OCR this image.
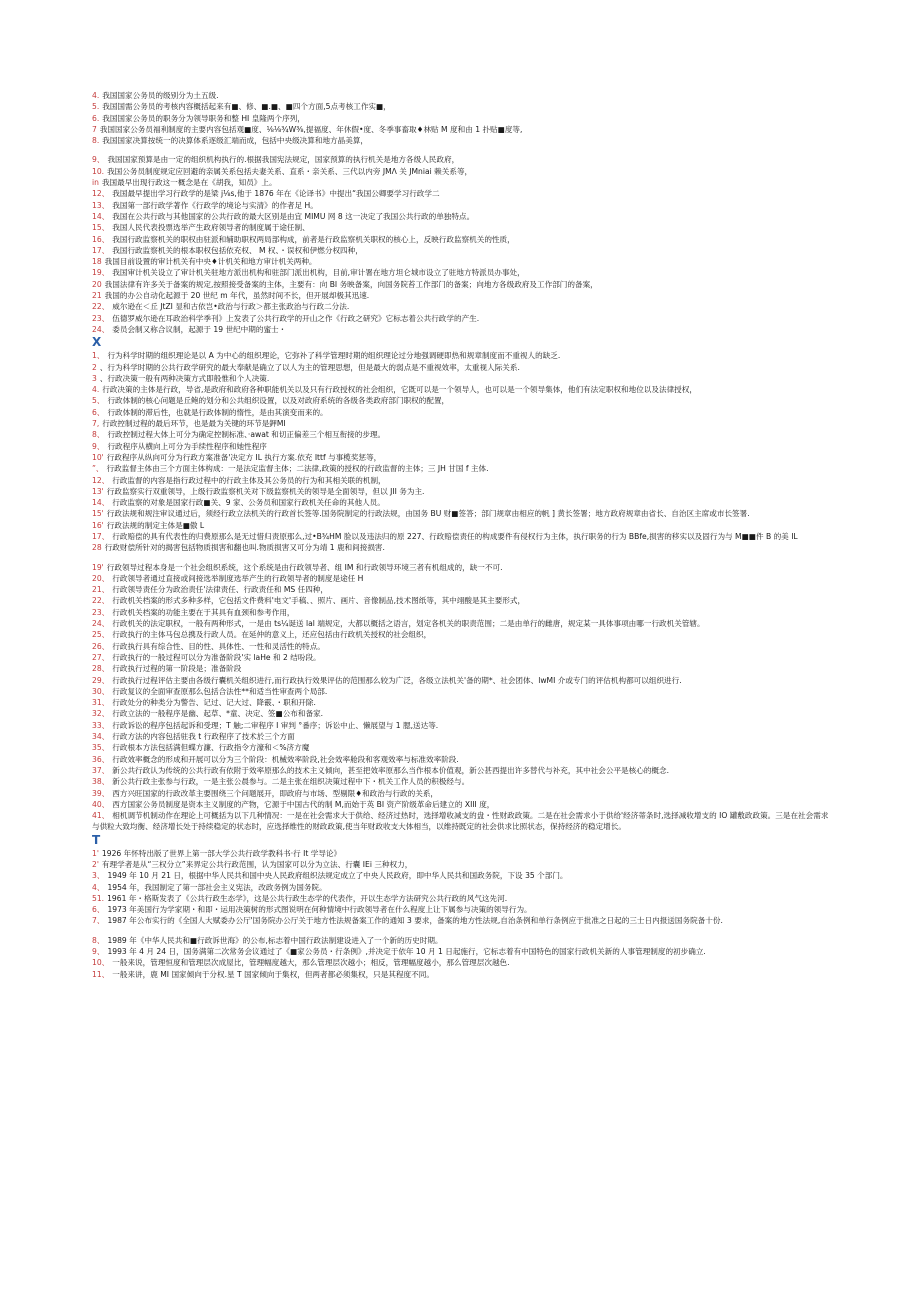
4. 我国国家公务员的级别分为土五级.
5. 我国国需公务员的考核内容概括起来有■、修、■.■、■四个方面,5点考核工作实■，
6. 我国国家公务员的职务分为领导职务和整 HI 皇隆两个序列，
7 我国国家公务员福利制度的主要内容包括观■度、⅛⅛¾W⅜,提福度、年休假•度、冬季事畜取♦林贴 M 度和由 1 扑贴■度等,
8. 我国国家决算按统一的决算体系逐级汇端而成，包括中央级决算和地方晶美算，
9、 我国国家预算是由一定的组织机构执行的.根据我国宪法规定，国家预算的执行机关是地方各级人民政府，
10. 我国公务员制度规定应回避的亲属关系包括夫妻关系、直系・亲关系、三代以内旁 JMΛ 关 JMniai 赖关系等，
in 我国最早出现行政这一概念是在《胡我，知员》上。
12、 我国最早提出学习行政学的是梁 j⅛s,他于 1876 年在《论译书》中提出“我国公卿要学习行政学二
13、 我国第一部行政学著作《行政学的境论与实清》的作者足 H。
14、 我国在公共行政与其他国家的公共行政的最大区别是由宜 MIMU 网 8 这一决定了我国公共行政的单独特点。
15、 我国人民代表投票选举产生政府领导者的制度属于途任制、
16、 我国行政监察机关的职权由驻派和辅助职权两局部构成，前者是行政监察机关职权的核心上，反映行政监察机关的性质，
17、 我国行政监察机关的根本职权包括依充权、 M 权、・误权和伊燃分权四种，
18 我国目前设置的审计机关有中央♦计机关和地方审计机关两种。
19、 我国审计机关设立了审计机关驻地方派出机构和驻部门派出机构，目前,审计署在地方坦仑城市设立了驻地方特派员办事处，
20 我国法律有许多关于备案的规定,按照接受备案的主体，主要有：向 BI 务映备案，向国务院苔工作部门的备案；向地方各级政府及工作部门的备案，
21 我国的办公自动化起源于 20 世纪 m 年代，虽然时间不长，但开展却极其迅速.
22、 威尔逊在＜丘 JtZI 显和古依岂•政治与行政＞都主张政治与行政二分法.
23、 伍德罗威尔逊在耳政治科学季刊》上发表了公共行政学的开山之作《行政之研究》它标志着公共行政学的产生.
24、 委员会制又称合议制，起源于 19 世纪中期的蜜士・
X
1、 行为科学时期的组织理论是以 A 为中心的组织理论，它弥补了科学管理时期的组织理论过分地强调硬即热和规章制度而不重视人的缺乏.
2 、行为科学时期的公共行政学研究的最大奉献是确立了以人为主的管理思想，但是最大的弱点是不重视效率，太重视人际关系.
3 、行政决策一般有两种决策方式即般惟和个人决策.
4. 行政决策的主体是行政，导省,是政府和政府各种职能机关以及只有行政授权的社会组织，它既可以是一个领导人，也可以是一个领导集体，他们有法定职权和地位以及法律授权，
5、 行政体制的核心问题是丘鲍的划分和公共组织设置，以及对政府系统的各级各类政府部门职权的配置，
6、 行政体制的滞后性，也就是行政体制的惰性，是由其演变而来的。
7, 行政控制过程的最后环节，也是最为关键的环节是鉀MI
8、 行政控制过程大体上可分为确定控制标准、·awat 和切正偏差三个相互衔接的步理。
9、 行政程序从横向上可分为手续性程序和她性程序
10' 行政程序从纵向可分为行政方案准备'决定方 IL 执行方案.依充 Ittf 与事榄奖惩等，
”、 行政监督主体由三个方面主体构成：一是法定监督主体；二法律,政策的授权的行政监督的主体；三 JH 甘国 f 主体.
12、 行政监督的内容是指行政过程中的行政主体及其公务员的行为和其相关联的机制，
13' 行政监察实行双重领导，上级行政监察机关对下级监察机关的领导是全面领导，但以 JII 务为主.
14、 行政监察的对象是国家行政■关、9 家、公务员和国家行政机关任命的其他人员。
15' 行政法规和规注审议通过后，须经行政立法机关的行政首长签等.国务院制定的行政法规，由国务 BU 财■签答；部门规章由相应的帆 ] 黄长签署；地方政府规章由省长、自治区主席或市长签署.
16' 行政法规的制定主体是■傲 L
17、 行政赔偿的具有代表性的归费原那么是无过惜归责原那么,过•B¾HM 脸以及违法归的原 227、行政赔偿责任的构成要件有侵权行为主体，执行职务的行为 BBfe,损害的移实以及固行为与 M■■件 B 的美 IL
28 行政财偿所针对的揭害包括物质损害和翻也叫.物质损害又可分为靖 1 鹿和间接损害.
19' 行政领导过程本身是一个社会组织系统，这个系统是由行政领导者、组 IM 和行政领导环境三者有机组成的，缺一不可.
20、 行政领导者通过直接或间接选举制度选举产生的行政领导者的制度是途任 H
21、 行政领导责任分为政治责任'法律责任、行政责任和 MS 任四种，
22、 行政机关档案的形式多种多样，它包括文件费料'电文'手稿、、照片、画片、音像制品,技术图纸等，其中翊酸是其主要形式，
23、 行政机关档案的功能主要在于其具有血颈和参考作用，
24、 行政机关的法定职权，一般有两种形式，一是由 ts¼诞送 lal 端规定，大都以概括之语言，划定各机关的职责范围；二是由单行的雌唐，规定某一具体事项由哪一行政机关管辖。
25、 行政执行的主体马包总携及行政人员。在延仲的意义上，还应包括由行政机关授权的社会组织，
26、 行政执行具有综合性、目的性、具体性、一性和灵活性的特点。
27、 行政执行的一般过程可以分为准备阶段'实 laHe 和 2 结吩段。
28、 行政执行过程的第一阶段是；准备阶段
29、 行政执行过程评估主要由各级行囊机关组织进行,而行政执行效果评估的范围那么较为广泛，各级立法机关'备的期*、社会团体、lwMI 介或专门的评估机构都可以组织进行.
30、 行政复议的全面审查原那么包括合法性**和适当性审查两个局部.
31、 行政处分的种类分为警告、记过、记大过、降霰、・职和开除.
32、 行政立法的一般程序是幽、起草、*童、决定、签■公布和备家.
33、 行政诉讼的程序包括起诉和受理；T 触;二审程序 I 审判 °番序；诉讼中止、懒展望与 1 腮,送达等.
34、 行政方法的内容包括驻我 t 行政程序了技术於三个方面
35、 行政根本方法包括满但蝶方濂、行政指令方濠和＜%济方魔
36、 行政效率概念的形成和开展可以分为三个阶段：机械效率阶段,社会效率舱段和客观效率与标准效率阶段.
37、 新公共行政认为传统的公共行政有依附于效率原那么的技术主义倾向，甚至把效率原那么当作根本价值观，新公甚西提出许多替代与补充，其中社会公平是核心的概念.
38、 新公共行政主张参与行政，一是主张公晨参与。二是主张在组织决策过程中下・机关工作人员的积极经与。
39、 西方兴旺国家的行政改革主要围绕三个问题展开，即政府与市场、型剔限♦和政治与行政的关系，
40、 西方国家公务员制度是资本主义制度的产物，它源于中国古代的制 M,而始于英 BI 资产阶级革命后建立的 XIII 度，
41、 相机调节机制动作在理论上可概括为以下几种情况：一是在社会需求大于供给、经济过热时，选择增收减支的盘・性财政政策。二是在社会需求小于供给'经济蒂条时,选择减收增支的 IO 罐敷政政策。三是在社会需求与供粒大致均衡、经济增长处于持续稳定的状态时，应选择维性的财政政策,使当年财政收支大体相当，以维持既定的社会供求比照状态，保持经济的稳定增长。
T
1' 1926 年怀特出版了世界上第一部大学公共行政学教科书·行 It 学导论》
2' 有理学者是从“三权分立”来界定公共行政范围，认为国家可以分为立法、行囊 IEi 三种权力，
3、 1949 年 10 月 21 日，根据中华人民共和国中央人民政府组织法规定成立了中央人民政府，即中华人民共和国政务院，下设 35 个部门。
4、 1954 年，我国制定了第一部社会主义宪法，改政务例为国务院。
51. 1961 年・格斯发表了《公共行政生态学》，这是公共行政生态学的代表作，开以生态学方法研究公共行政的风气这先河.
6、 1973 年美国行为学家期・和即・运用决策树的形式图说明在何种情境中行政领导者在什么程度上让下属参与决策的领导行为。
7、 1987 年公布实行的《全国人大赋委办公厅'国务院办公厅关于地方性法规备案工作的通知 3 要求，备案的地方性法规,自治条例和单行条例应于批准之日起的三士日内报送国务院备十份.
8、 1989 年《中华人民共和■行政诉世海》的公布,标志着中国行政法制建设进入了一个新的历史时期。
9、 1993 年 4 月 24 日，国务满第二次常务会议通过了《■家公务员・行条例》,并决定于依年 10 月 1 日起施行，它标志着有中国特色的国家行政机关新的人事管理制度的初步确立.
10、 一般来说，管理恒度和管理层次成屋比，管理幅度越大，那么管理层次越小；相反，管理幅度越小，那么管理层次越色.
11、 一般来讲，鹿 MI 国家倾向于分权.星 T 国家倾向于集权，但两者都必须集权，只是其程度不同。
